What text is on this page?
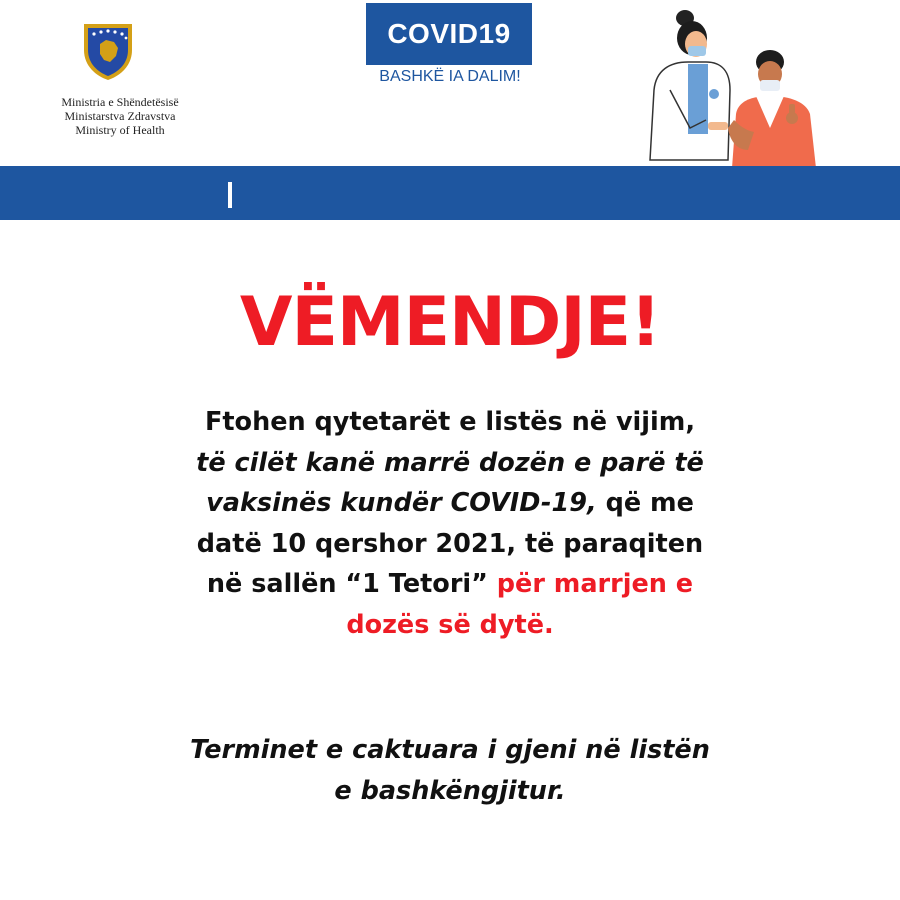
Ministria e Shëndetësisë
Ministarstva Zdravstva
Ministry of Health
COVID19
BASHKË IA DALIM!
VËMENDJE!
Ftohen qytetarët e listës në vijim,
të cilët kanë marrë dozën e parë të
vaksinës kundër COVID-19, që me
datë 10 qershor 2021, të paraqiten
në sallën “1 Tetori” për marrjen e
dozës së dytë.
Terminet e caktuara i gjeni në listën
e bashkëngjitur.
